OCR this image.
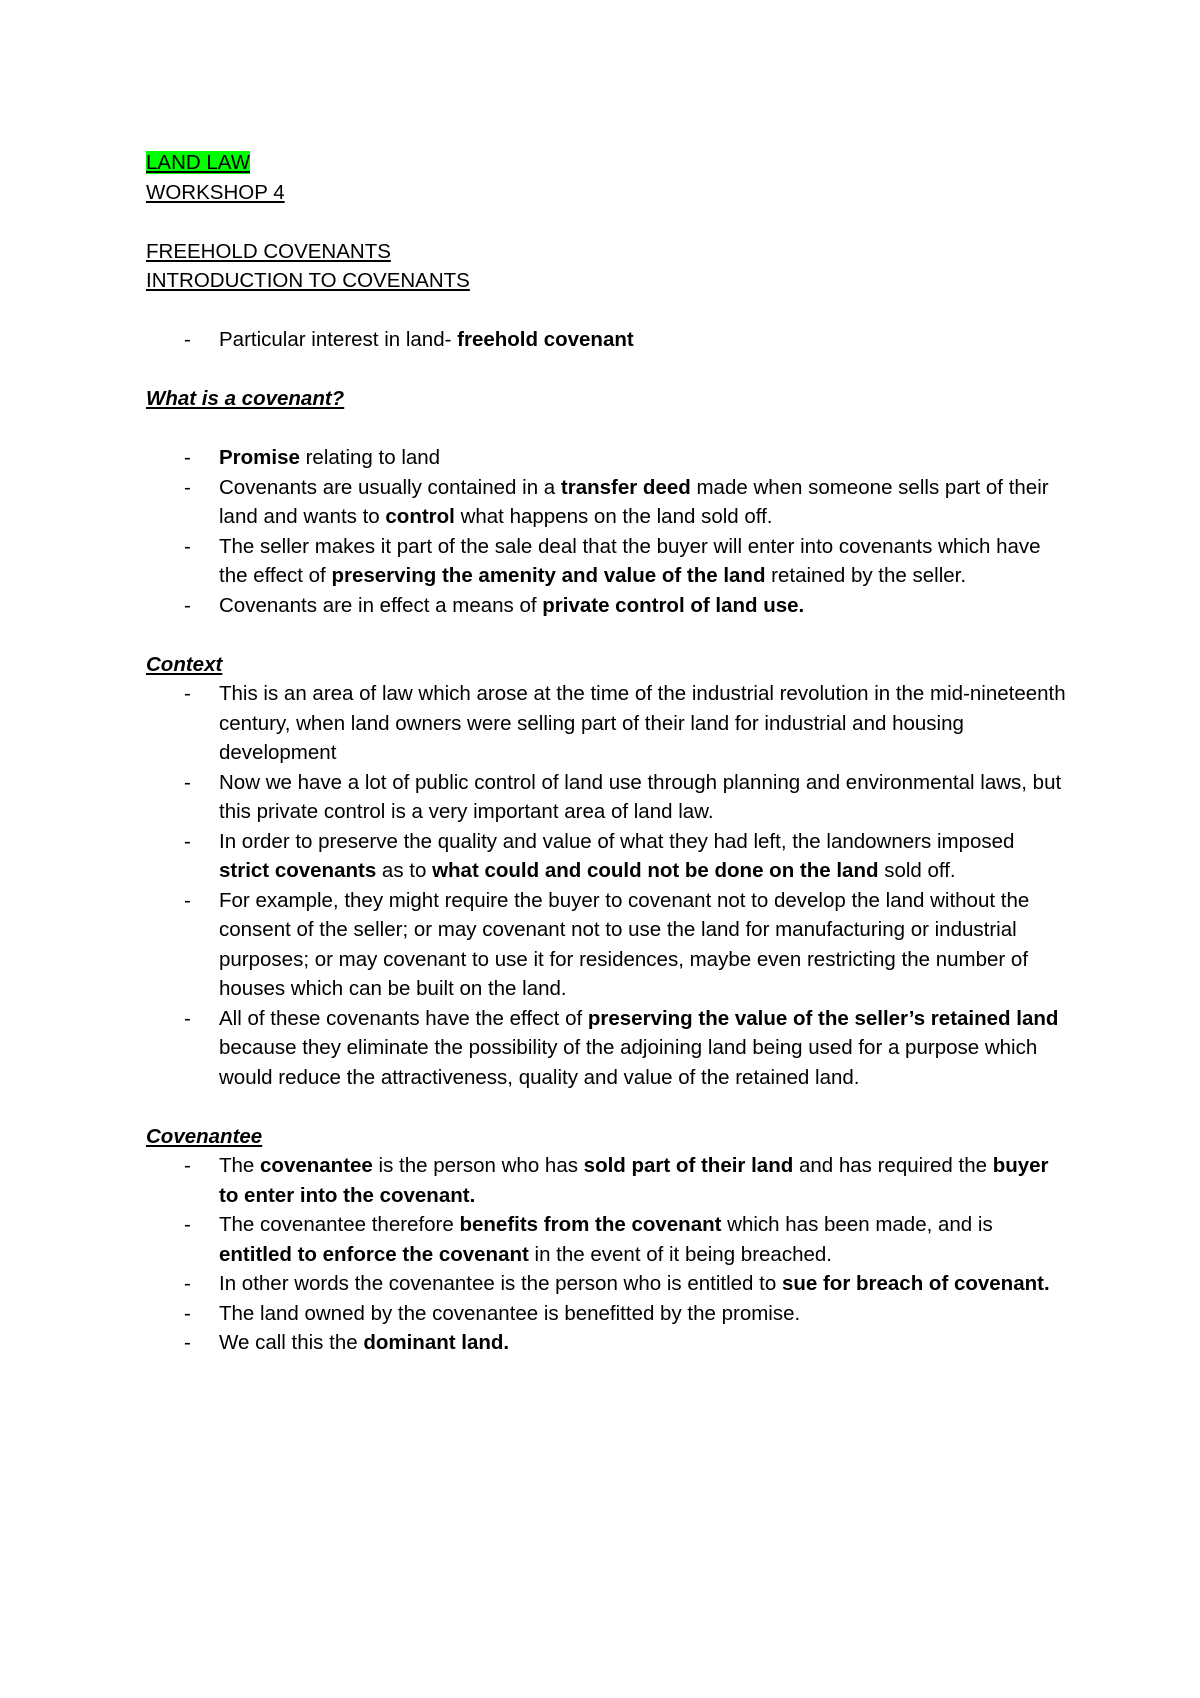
LAND LAW
WORKSHOP 4
FREEHOLD COVENANTS
INTRODUCTION TO COVENANTS
- Particular interest in land- freehold covenant
What is a covenant?
- Promise relating to land
- Covenants are usually contained in a transfer deed made when someone sells part of their land and wants to control what happens on the land sold off.
- The seller makes it part of the sale deal that the buyer will enter into covenants which have the effect of preserving the amenity and value of the land retained by the seller.
- Covenants are in effect a means of private control of land use.
Context
- This is an area of law which arose at the time of the industrial revolution in the mid-nineteenth century, when land owners were selling part of their land for industrial and housing development
- Now we have a lot of public control of land use through planning and environmental laws, but this private control is a very important area of land law.
- In order to preserve the quality and value of what they had left, the landowners imposed strict covenants as to what could and could not be done on the land sold off.
- For example, they might require the buyer to covenant not to develop the land without the consent of the seller; or may covenant not to use the land for manufacturing or industrial purposes; or may covenant to use it for residences, maybe even restricting the number of houses which can be built on the land.
- All of these covenants have the effect of preserving the value of the seller’s retained land because they eliminate the possibility of the adjoining land being used for a purpose which would reduce the attractiveness, quality and value of the retained land.
Covenantee
- The covenantee is the person who has sold part of their land and has required the buyer to enter into the covenant.
- The covenantee therefore benefits from the covenant which has been made, and is entitled to enforce the covenant in the event of it being breached.
- In other words the covenantee is the person who is entitled to sue for breach of covenant.
- The land owned by the covenantee is benefitted by the promise.
- We call this the dominant land.
